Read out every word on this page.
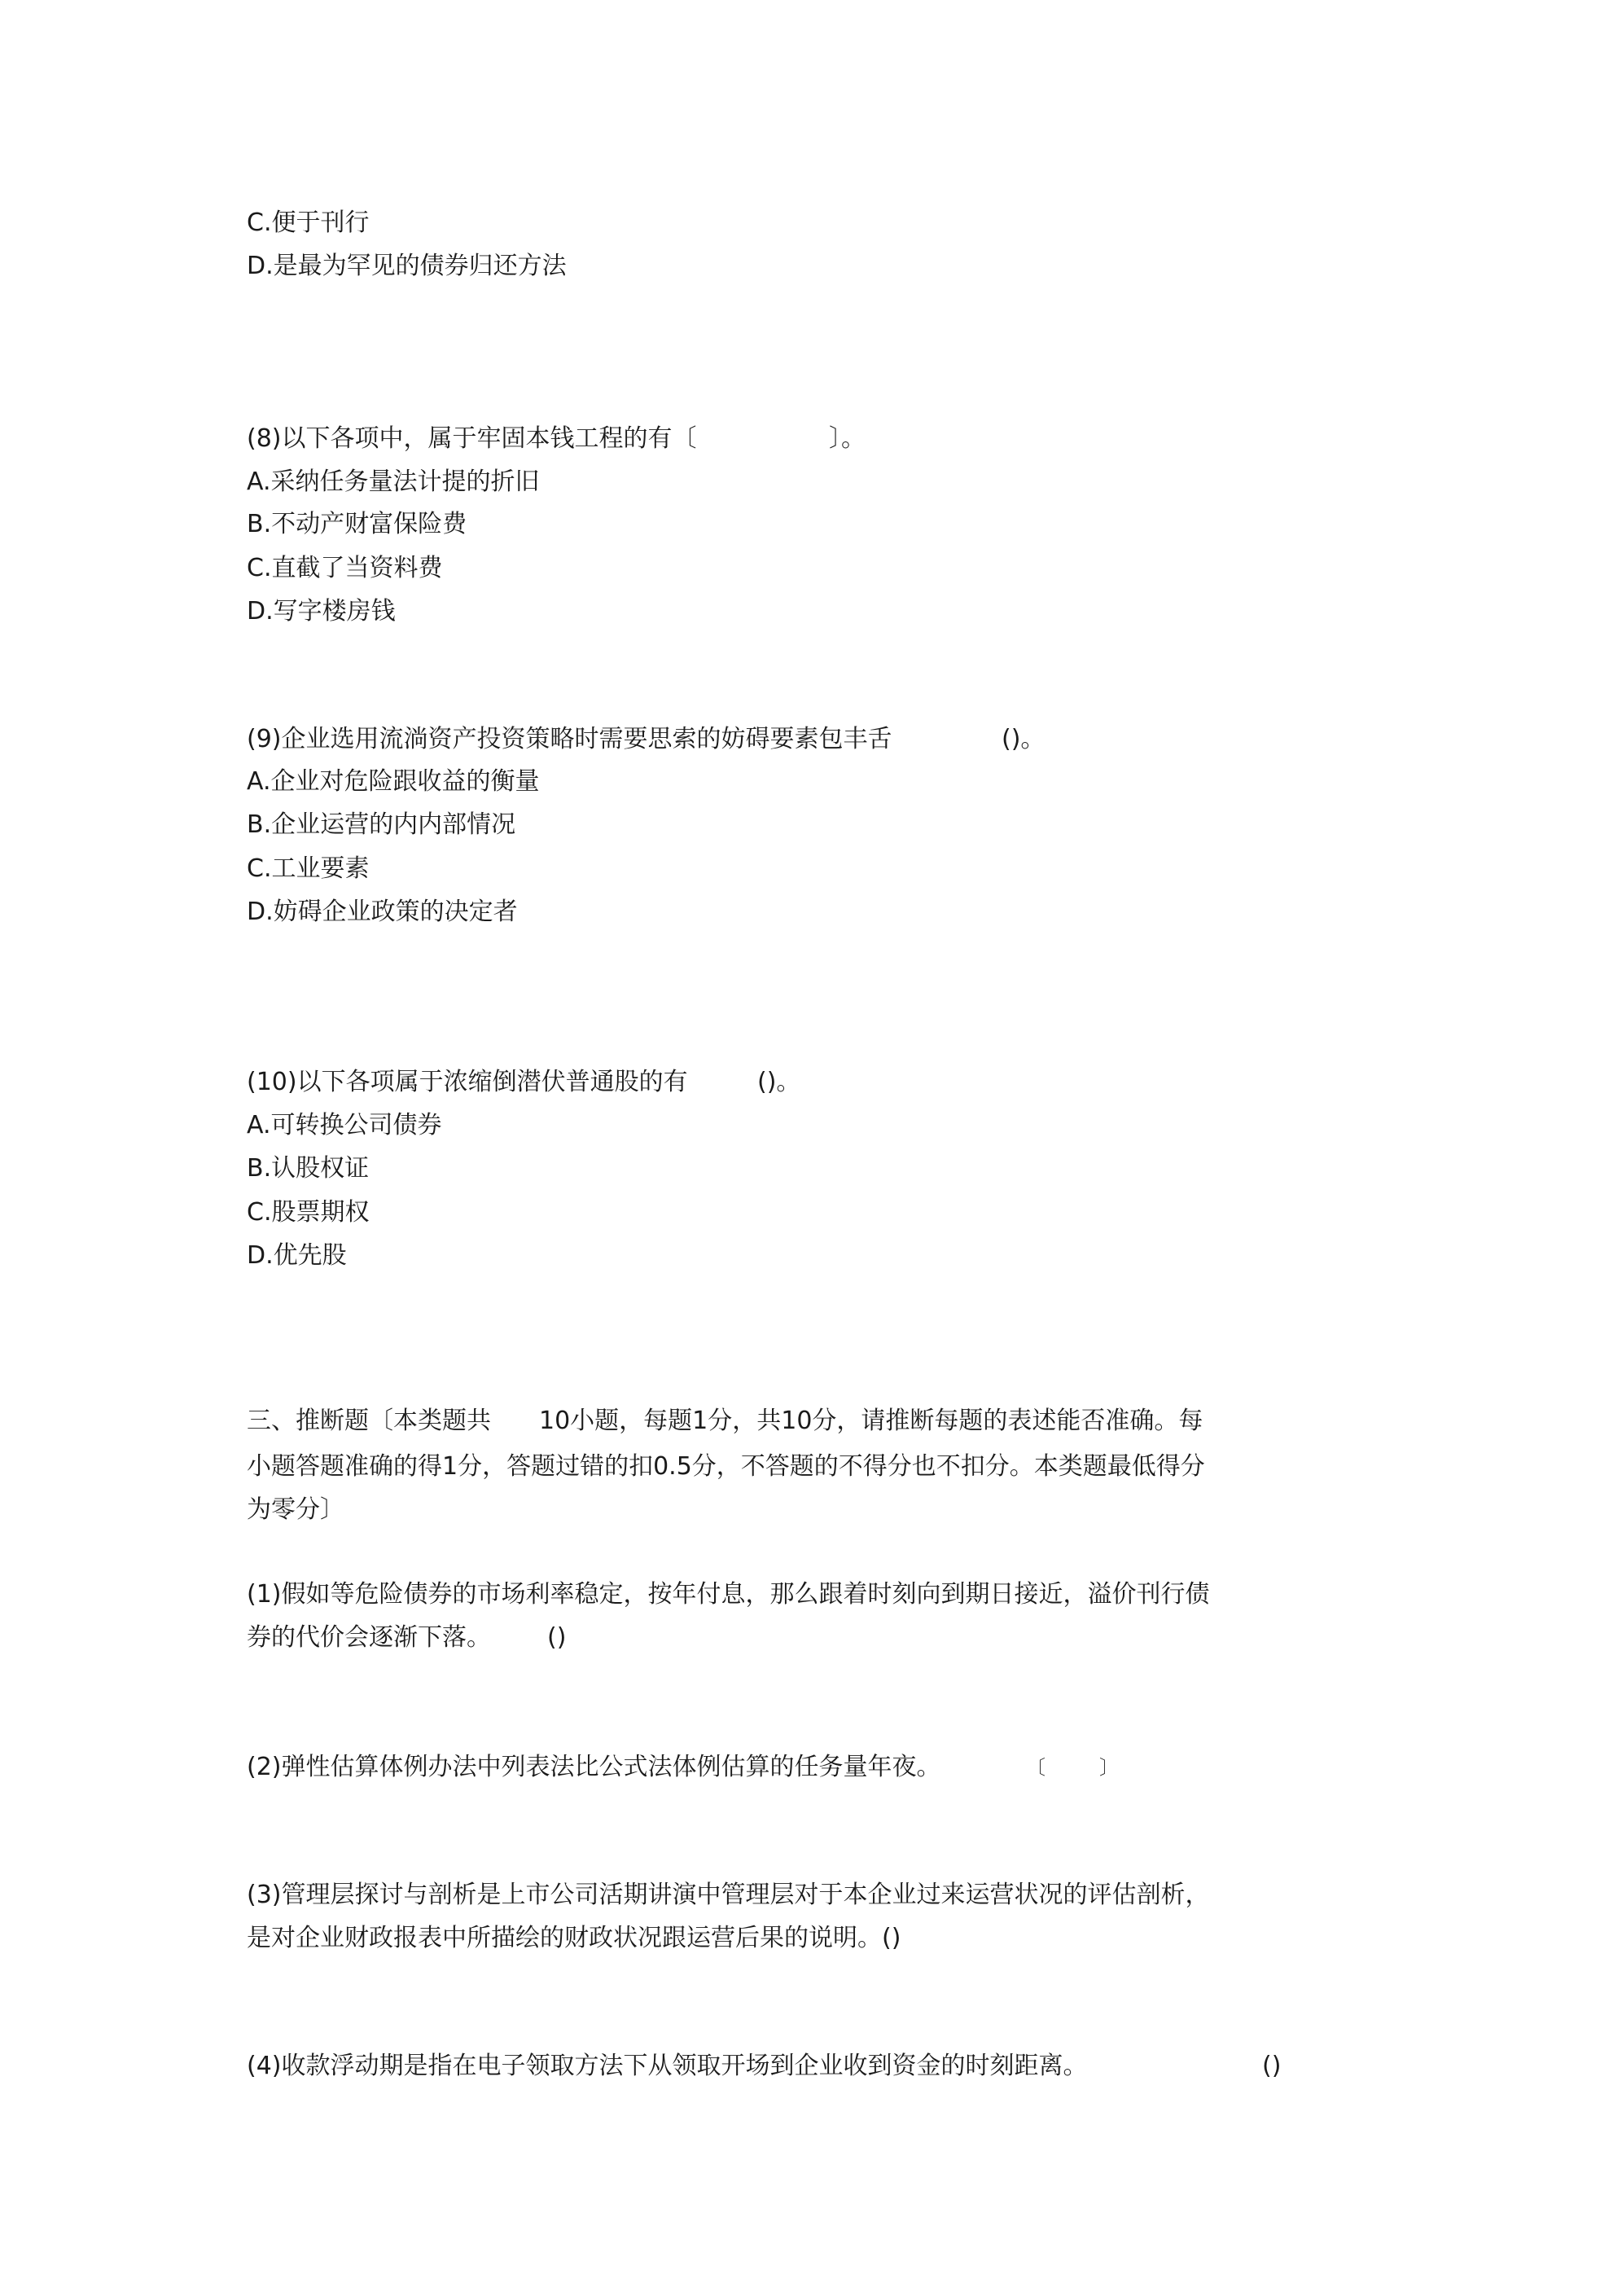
C.便于刊行

D.是最为罕见的债券归还方法

(8)以下各项中，属于牢固本钱工程的有〔	〕。

A.采纳任务量法计提的折旧

B.不动产财富保险费

C.直截了当资料费

D.写字楼房钱

(9)企业选用流淌资产投资策略时需要思索的妨碍要素包丰舌	()。

A.企业对危险跟收益的衡量

B.企业运营的内内部情况

C.工业要素

D.妨碍企业政策的决定者

(10)以下各项属于浓缩倒潜伏普通股的有	()。

A.可转换公司债券

B.认股权证

C.股票期权

D.优先股

三、推断题〔本类题共 10小题，每题1分，共10分，请推断每题的表述能否准确。每

小题答题准确的得1分，答题过错的扣0.5分，不答题的不得分也不扣分。本类题最低得分

为零分〕

(1)假如等危险债券的市场利率稳定，按年付息，那么跟着时刻向到期日接近，溢价刊行债

券的代价会逐渐下落。 ()

(2)弹性估算体例办法中列表法比公式法体例估算的任务量年夜。	〔	〕

(3)管理层探讨与剖析是上市公司活期讲演中管理层对于本企业过来运营状况的评估剖析，

是对企业财政报表中所描绘的财政状况跟运营后果的说明。()

(4)收款浮动期是指在电子领取方法下从领取开场到企业收到资金的时刻距离。	()
